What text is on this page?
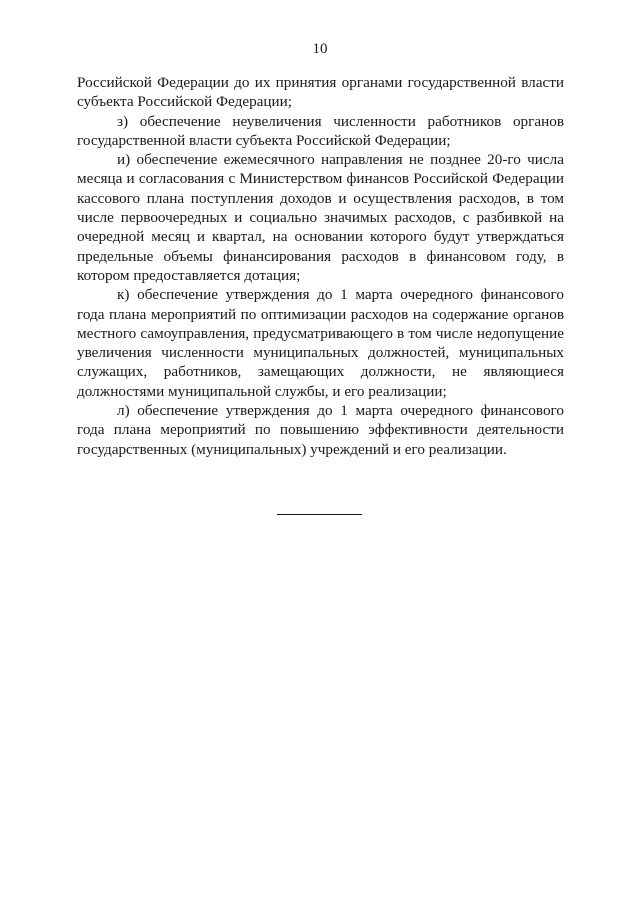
10

Российской Федерации до их принятия органами государственной власти субъекта Российской Федерации;

з) обеспечение неувеличения численности работников органов государственной власти субъекта Российской Федерации;

и) обеспечение ежемесячного направления не позднее 20-го числа месяца и согласования с Министерством финансов Российской Федерации кассового плана поступления доходов и осуществления расходов, в том числе первоочередных и социально значимых расходов, с разбивкой на очередной месяц и квартал, на основании которого будут утверждаться предельные объемы финансирования расходов в финансовом году, в котором предоставляется дотация;

к) обеспечение утверждения до 1 марта очередного финансового года плана мероприятий по оптимизации расходов на содержание органов местного самоуправления, предусматривающего в том числе недопущение увеличения численности муниципальных должностей, муниципальных служащих, работников, замещающих должности, не являющиеся должностями муниципальной службы, и его реализации;

л) обеспечение утверждения до 1 марта очередного финансового года плана мероприятий по повышению эффективности деятельности государственных (муниципальных) учреждений и его реализации.
